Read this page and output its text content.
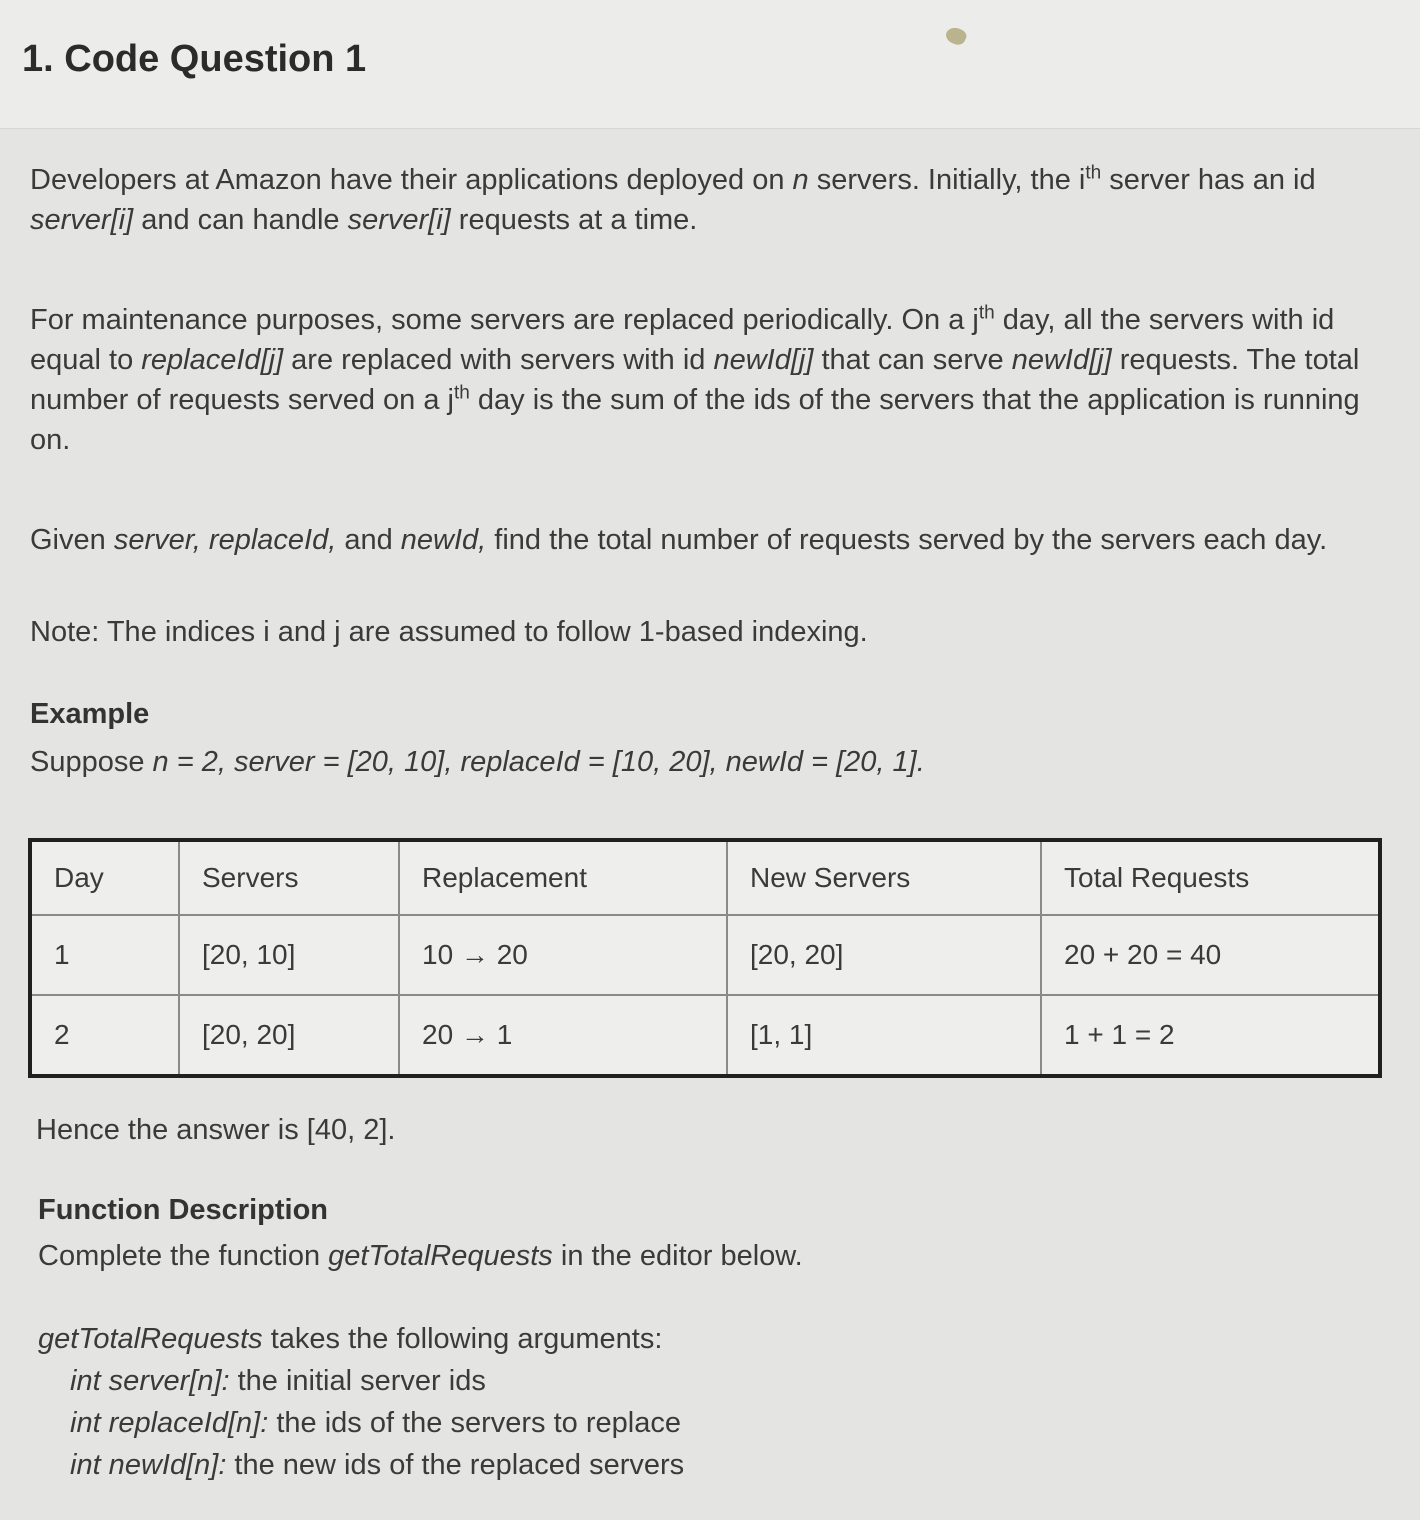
1. Code Question 1

Developers at Amazon have their applications deployed on n servers. Initially, the $i^{th}$ server has an id server[i] and can handle server[i] requests at a time.

For maintenance purposes, some servers are replaced periodically. On a $j^{th}$ day, all the servers with id equal to replaceId[j] are replaced with servers with id newId[j] that can serve newId[j] requests. The total number of requests served on a $j^{th}$ day is the sum of the ids of the servers that the application is running on.

Given server, replaceId, and newId, find the total number of requests served by the servers each day.

Note: The indices i and j are assumed to follow 1-based indexing.

Example

Suppose n = 2, server = [20, 10], replaceId = [10, 20], newId = [20, 1].

Day	Servers	Replacement	New Servers	Total Requests
1	[20, 10]	10 → 20	[20, 20]	20 + 20 = 40
2	[20, 20]	20 → 1	[1, 1]	1 + 1 = 2

Hence the answer is [40, 2].

Function Description

Complete the function getTotalRequests in the editor below.

getTotalRequests takes the following arguments:
int server[n]: the initial server ids
int replaceId[n]: the ids of the servers to replace
int newId[n]: the new ids of the replaced servers
